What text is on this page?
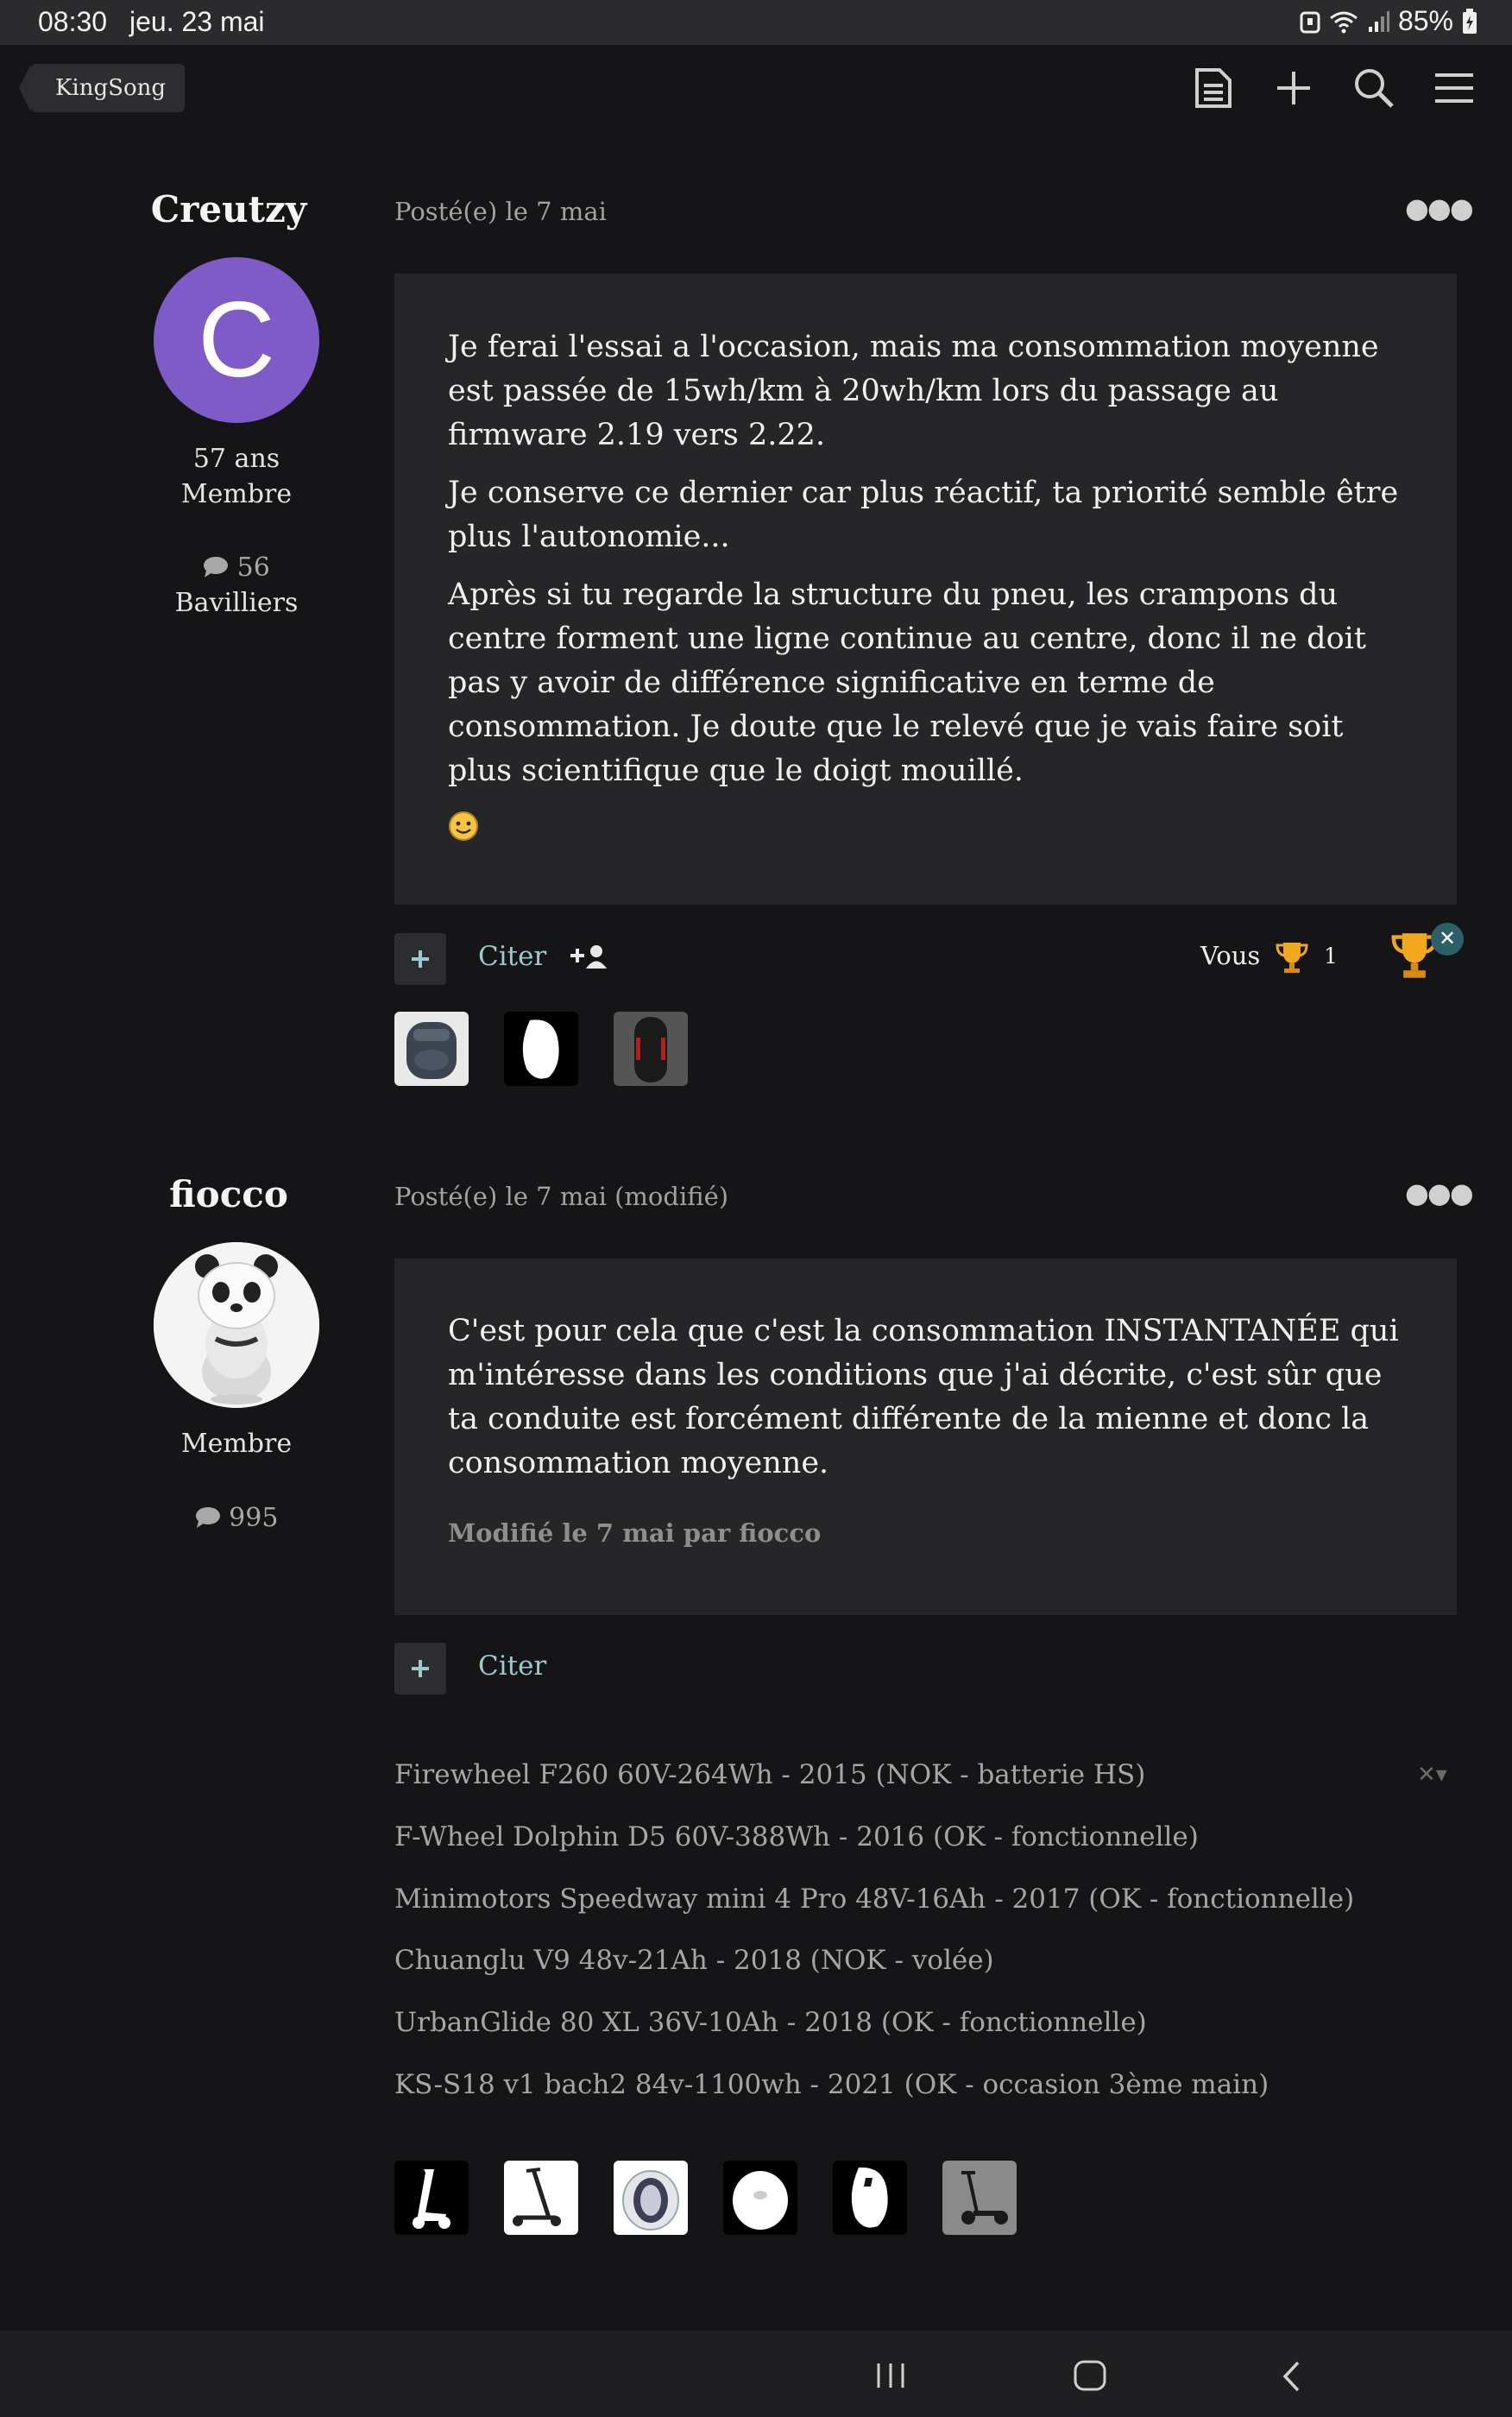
08:30 jeu. 23 mai	85%
KingSong
Creutzy
C
57 ans
Membre
56
Bavilliers
Posté(e) le 7 mai	●●●

Je ferai l'essai a l'occasion, mais ma consommation moyenne est passée de 15wh/km à 20wh/km lors du passage au firmware 2.19 vers 2.22.

Je conserve ce dernier car plus réactif, ta priorité semble être plus l'autonomie...

Après si tu regarde la structure du pneu, les crampons du centre forment une ligne continue au centre, donc il ne doit pas y avoir de différence significative en terme de consommation. Je doute que le relevé que je vais faire soit plus scientifique que le doigt mouillé.

Citer	Vous	1
✕
fiocco
Membre
995
Posté(e) le 7 mai (modifié)	●●●

C'est pour cela que c'est la consommation INSTANTANÉE qui m'intéresse dans les conditions que j'ai décrite, c'est sûr que ta conduite est forcément différente de la mienne et donc la consommation moyenne.

Modifié le 7 mai par fiocco
Citer
Firewheel F260 60V-264Wh - 2015 (NOK - batterie HS)
F-Wheel Dolphin D5 60V-388Wh - 2016 (OK - fonctionnelle)
Minimotors Speedway mini 4 Pro 48V-16Ah - 2017 (OK - fonctionnelle)
Chuanglu V9 48v-21Ah - 2018 (NOK - volée)
UrbanGlide 80 XL 36V-10Ah - 2018 (OK - fonctionnelle)
KS-S18 v1 bach2 84v-1100wh - 2021 (OK - occasion 3ème main)
✕▾
